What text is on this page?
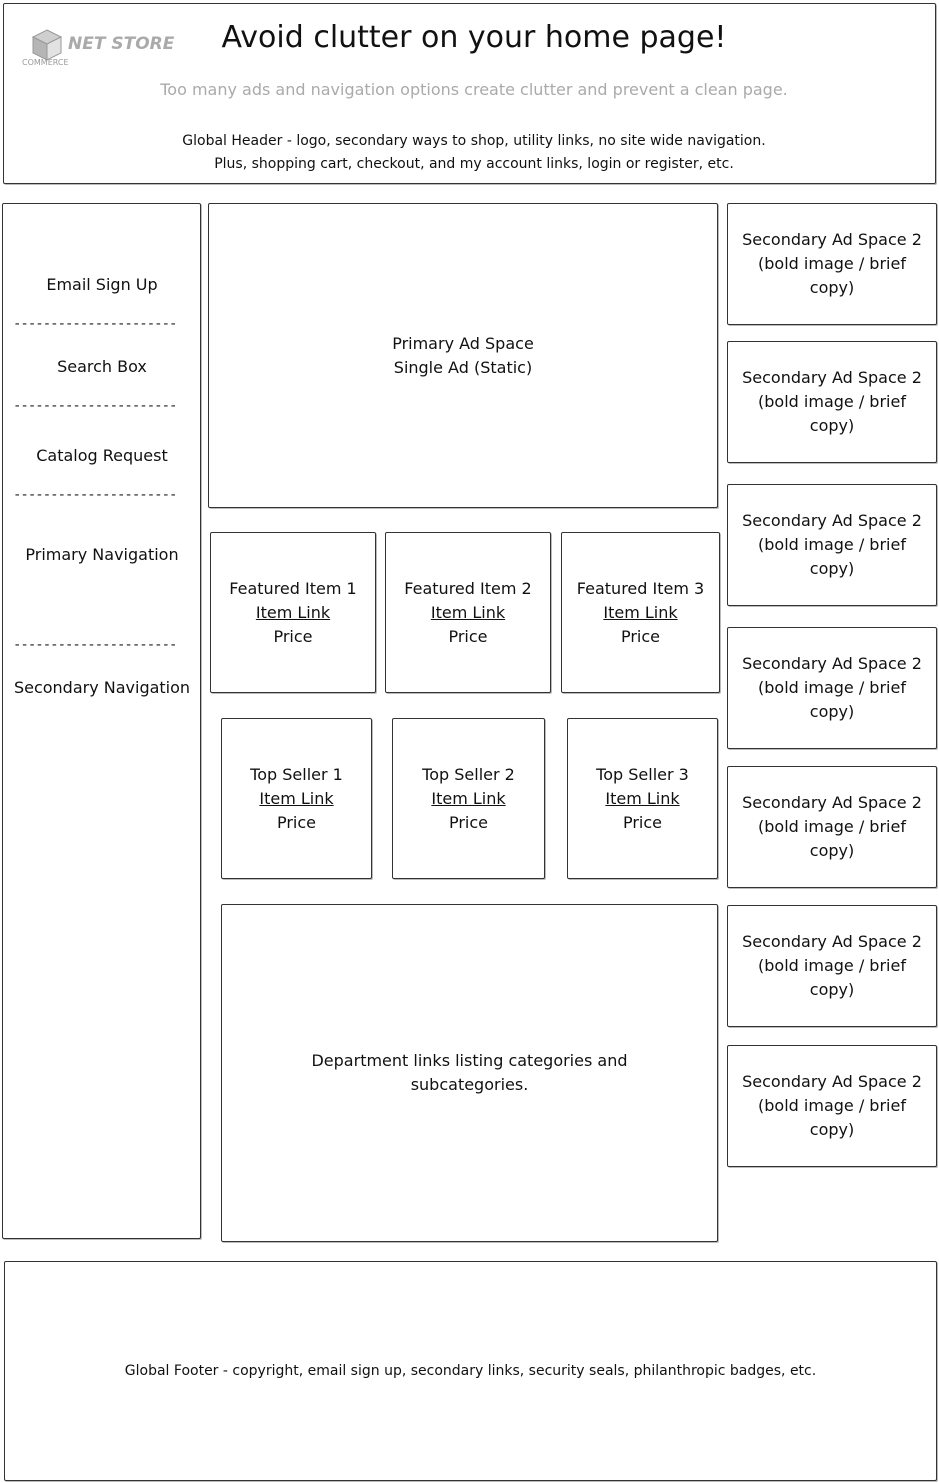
NET STORE
COMMERCE
Avoid clutter on your home page!
Too many ads and navigation options create clutter and prevent a clean page.
Global Header - logo, secondary ways to shop, utility links, no site wide navigation.
Plus, shopping cart, checkout, and my account links, login or register, etc.
Email Sign Up
----------------------
Search Box
----------------------
Catalog Request
----------------------
Primary Navigation
----------------------
Secondary Navigation
Primary Ad Space
Single Ad (Static)
Featured Item 1
Item Link
Price
Featured Item 2
Item Link
Price
Featured Item 3
Item Link
Price
Top Seller 1
Item Link
Price
Top Seller 2
Item Link
Price
Top Seller 3
Item Link
Price
Department links listing categories and
subcategories.
Secondary Ad Space 2
(bold image / brief
copy)
Secondary Ad Space 2
(bold image / brief
copy)
Secondary Ad Space 2
(bold image / brief
copy)
Secondary Ad Space 2
(bold image / brief
copy)
Secondary Ad Space 2
(bold image / brief
copy)
Secondary Ad Space 2
(bold image / brief
copy)
Secondary Ad Space 2
(bold image / brief
copy)
Global Footer - copyright, email sign up, secondary links, security seals, philanthropic badges, etc.
